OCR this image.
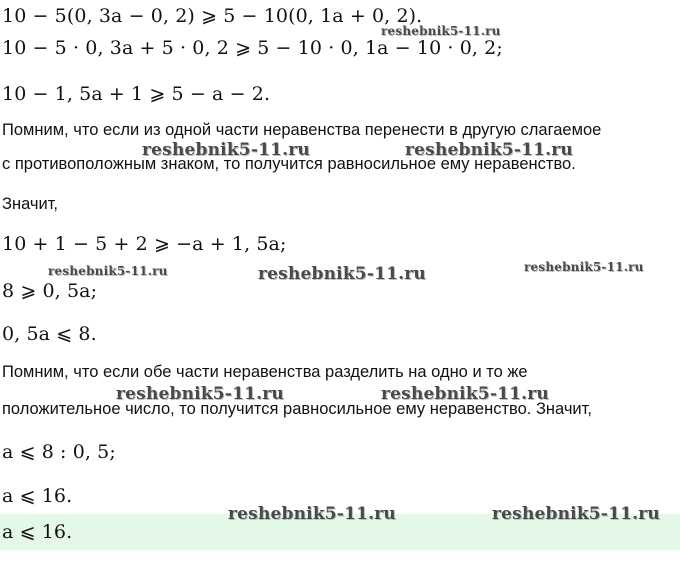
10 − 5(0, 3a − 0, 2) ⩾ 5 − 10(0, 1a + 0, 2).
10 − 5 · 0, 3a + 5 · 0, 2 ⩾ 5 − 10 · 0, 1a − 10 · 0, 2;
10 − 1, 5a + 1 ⩾ 5 − a − 2.
Помним, что если из одной части неравенства перенести в другую слагаемое
с противоположным знаком, то получится равносильное ему неравенство.
Значит,
10 + 1 − 5 + 2 ⩾ −a + 1, 5a;
8 ⩾ 0, 5a;
0, 5a ⩽ 8.
Помним, что если обе части неравенства разделить на одно и то же
положительное число, то получится равносильное ему неравенство. Значит,
a ⩽ 8 : 0, 5;
a ⩽ 16.
a ⩽ 16.
reshebnik5-11.ru
reshebnik5-11.ru	reshebnik5-11.ru
reshebnik5-11.ru	reshebnik5-11.ru	reshebnik5-11.ru
reshebnik5-11.ru	reshebnik5-11.ru
reshebnik5-11.ru	reshebnik5-11.ru
